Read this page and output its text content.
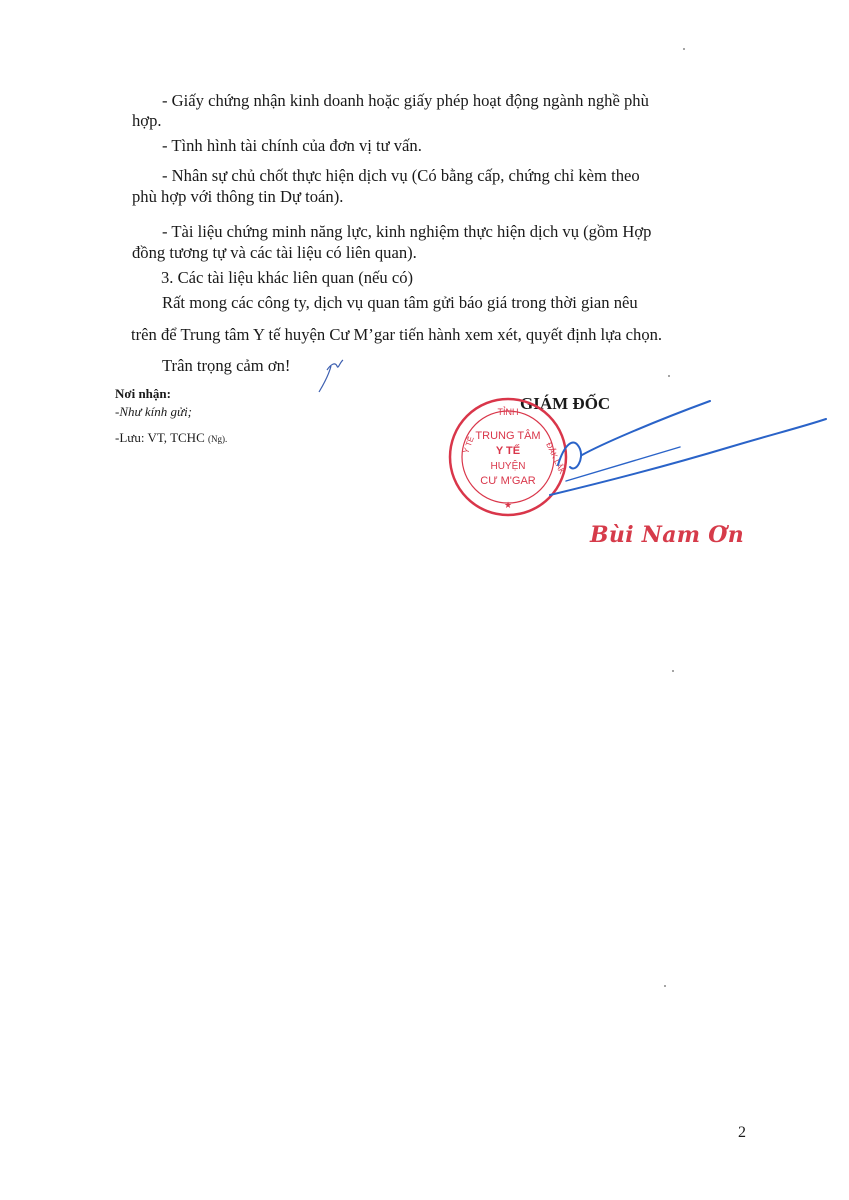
- Giấy chứng nhận kinh doanh hoặc giấy phép hoạt động ngành nghề phù
hợp.
- Tình hình tài chính của đơn vị tư vấn.
- Nhân sự chủ chốt thực hiện dịch vụ (Có bằng cấp, chứng chỉ kèm theo
phù hợp với thông tin Dự toán).
- Tài liệu chứng minh năng lực, kinh nghiệm thực hiện dịch vụ (gồm Hợp
đồng tương tự và các tài liệu có liên quan).
3. Các tài liệu khác liên quan (nếu có)
Rất mong các công ty, dịch vụ quan tâm gửi báo giá trong thời gian nêu
trên để Trung tâm Y tế huyện Cư M’gar tiến hành xem xét, quyết định lựa chọn.
Trân trọng cảm ơn!
Nơi nhận:
-Như kính gửi;
-Lưu: VT, TCHC (Ng).
GIÁM ĐỐC
TỈNH
Y TẾ	ĐẮK LẮK
TRUNG TÂM
Y TẾ
HUYỆN
CƯ M'GAR
★
Bùi Nam Ơn
2
